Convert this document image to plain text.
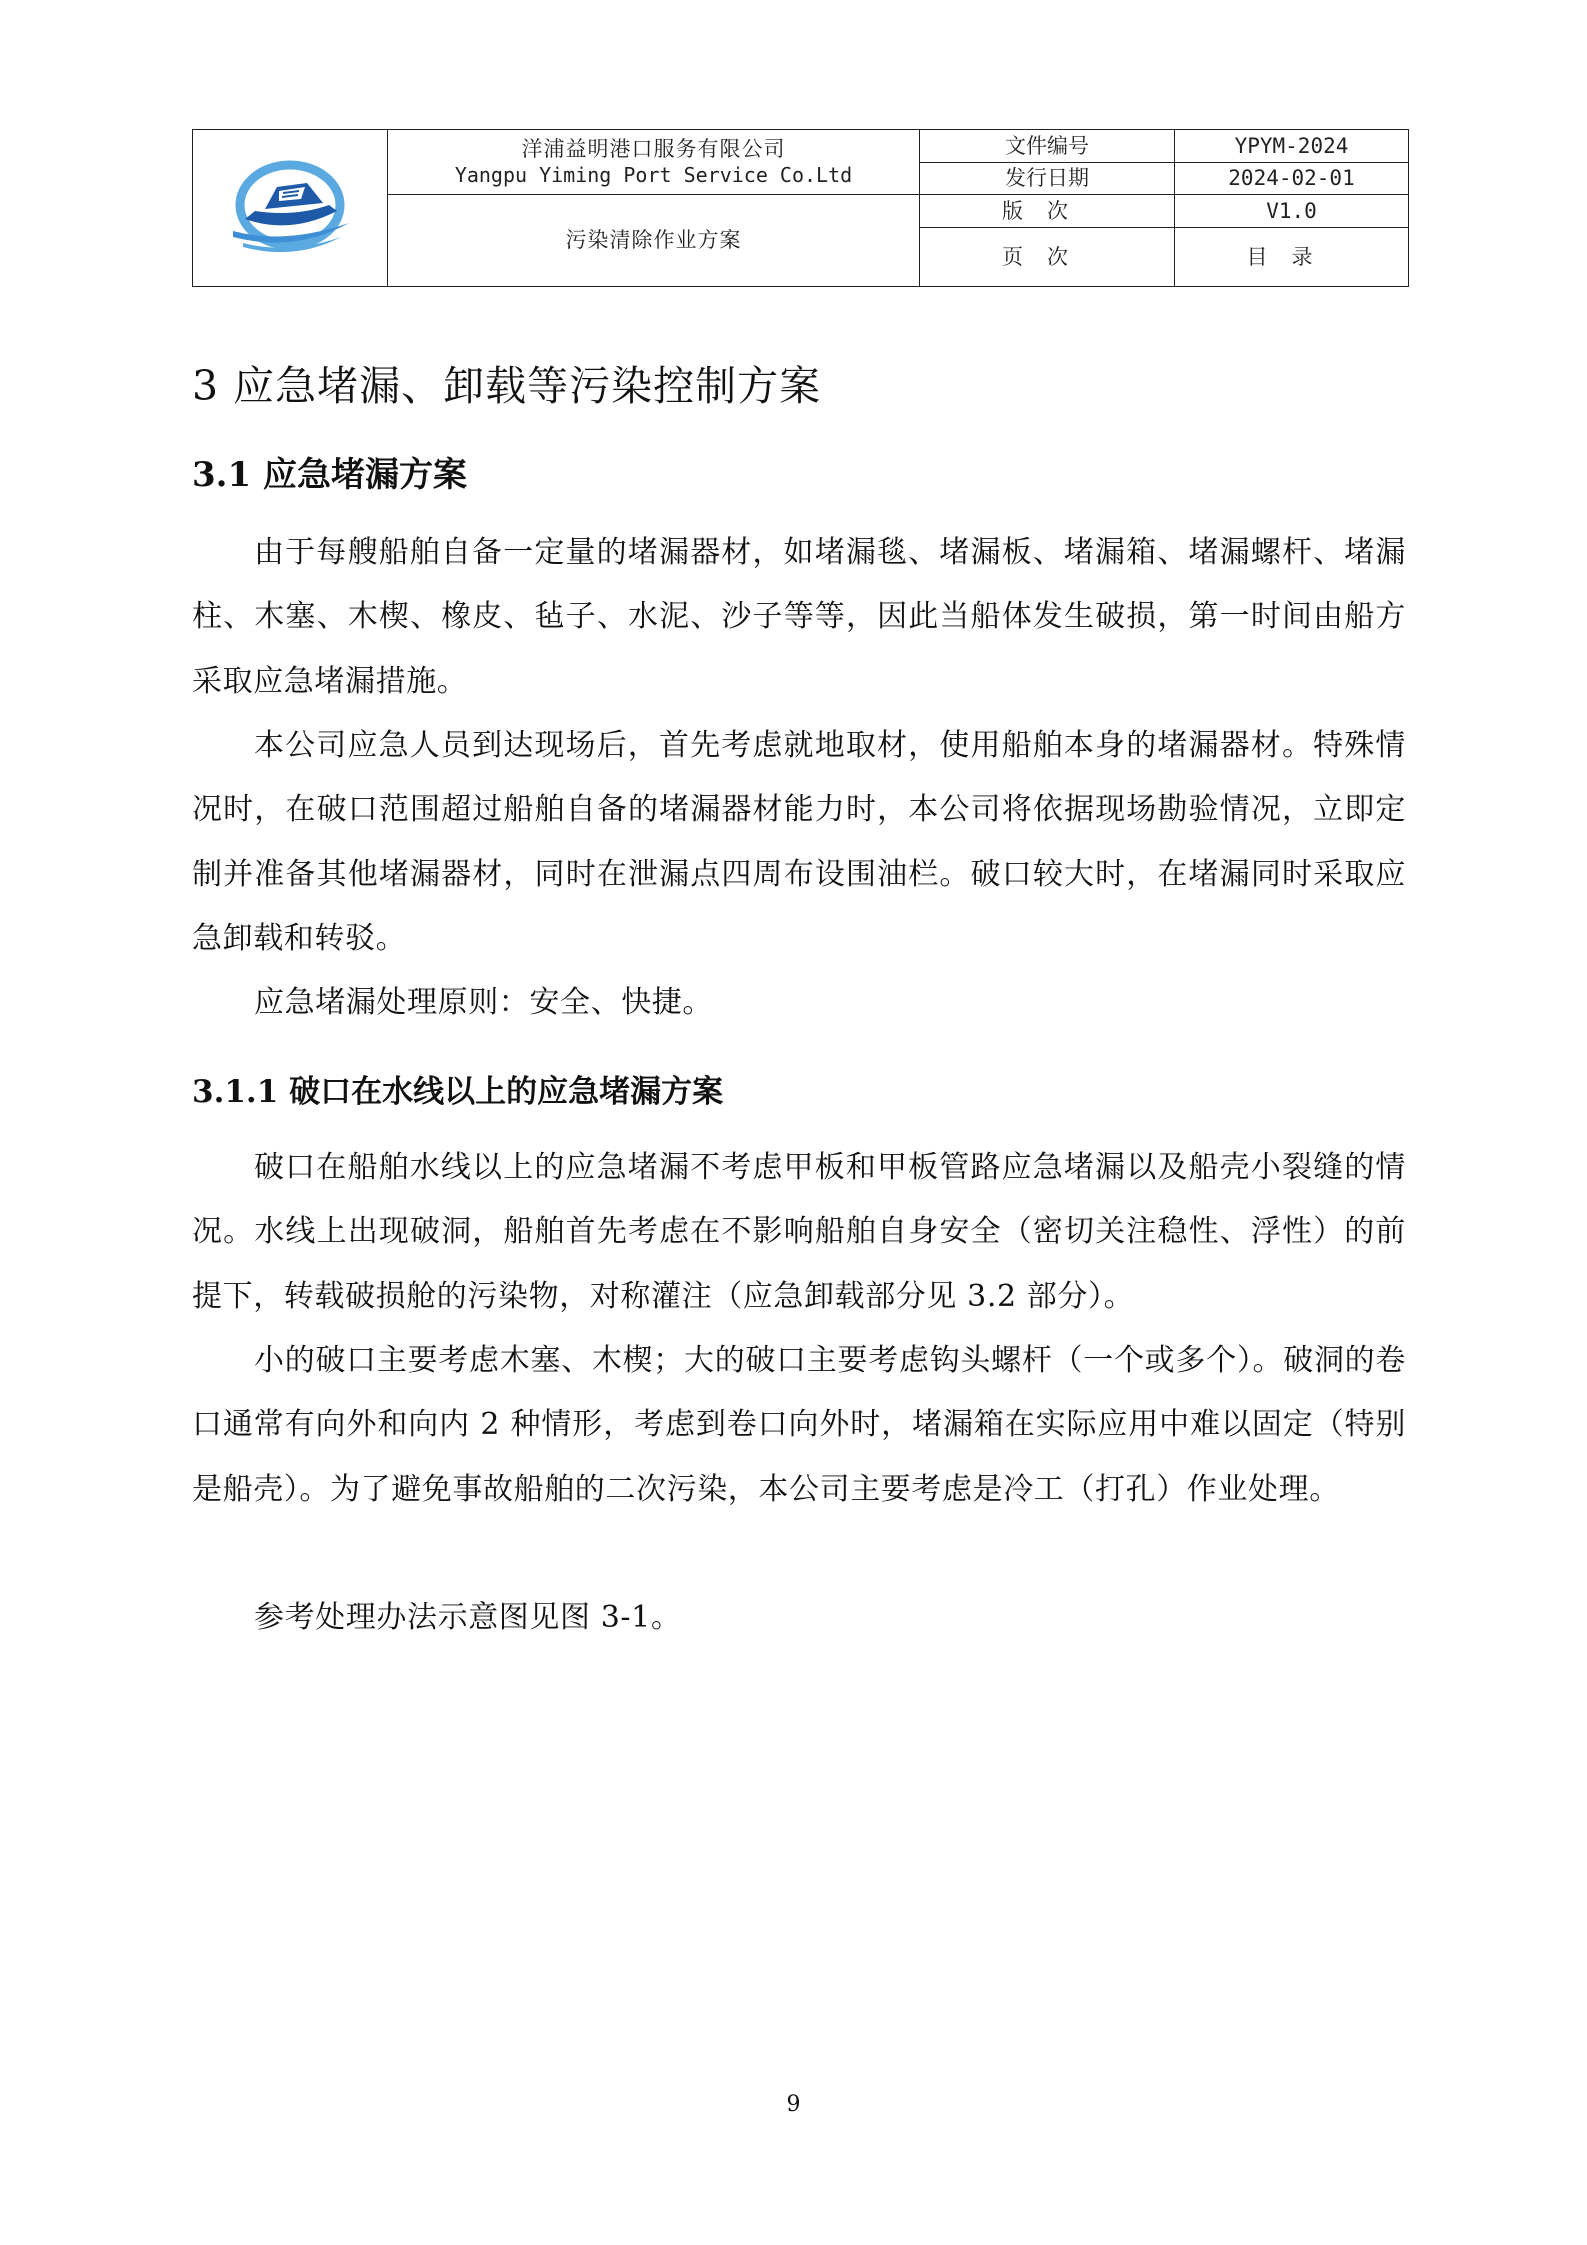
洋浦益明港口服务有限公司
Yangpu Yiming Port Service Co.Ltd	文件编号	YPYM-2024
		发行日期	2024-02-01
	污染清除作业方案	版次	V1.0
		页次	目录
3 应急堵漏、卸载等污染控制方案
3.1 应急堵漏方案

由于每艘船舶自备一定量的堵漏器材，如堵漏毯、堵漏板、堵漏箱、堵漏螺杆、堵漏柱、木塞、木楔、橡皮、毡子、水泥、沙子等等，因此当船体发生破损，第一时间由船方采取应急堵漏措施。

本公司应急人员到达现场后，首先考虑就地取材，使用船舶本身的堵漏器材。特殊情况时，在破口范围超过船舶自备的堵漏器材能力时，本公司将依据现场勘验情况，立即定制并准备其他堵漏器材，同时在泄漏点四周布设围油栏。破口较大时，在堵漏同时采取应急卸载和转驳。

应急堵漏处理原则：安全、快捷。

3.1.1 破口在水线以上的应急堵漏方案

破口在船舶水线以上的应急堵漏不考虑甲板和甲板管路应急堵漏以及船壳小裂缝的情况。水线上出现破洞，船舶首先考虑在不影响船舶自身安全（密切关注稳性、浮性）的前提下，转载破损舱的污染物，对称灌注（应急卸载部分见 3.2 部分）。

小的破口主要考虑木塞、木楔；大的破口主要考虑钩头螺杆（一个或多个）。破洞的卷口通常有向外和向内 2 种情形，考虑到卷口向外时，堵漏箱在实际应用中难以固定（特别是船壳）。为了避免事故船舶的二次污染，本公司主要考虑是冷工（打孔）作业处理。

参考处理办法示意图见图 3-1。

9
